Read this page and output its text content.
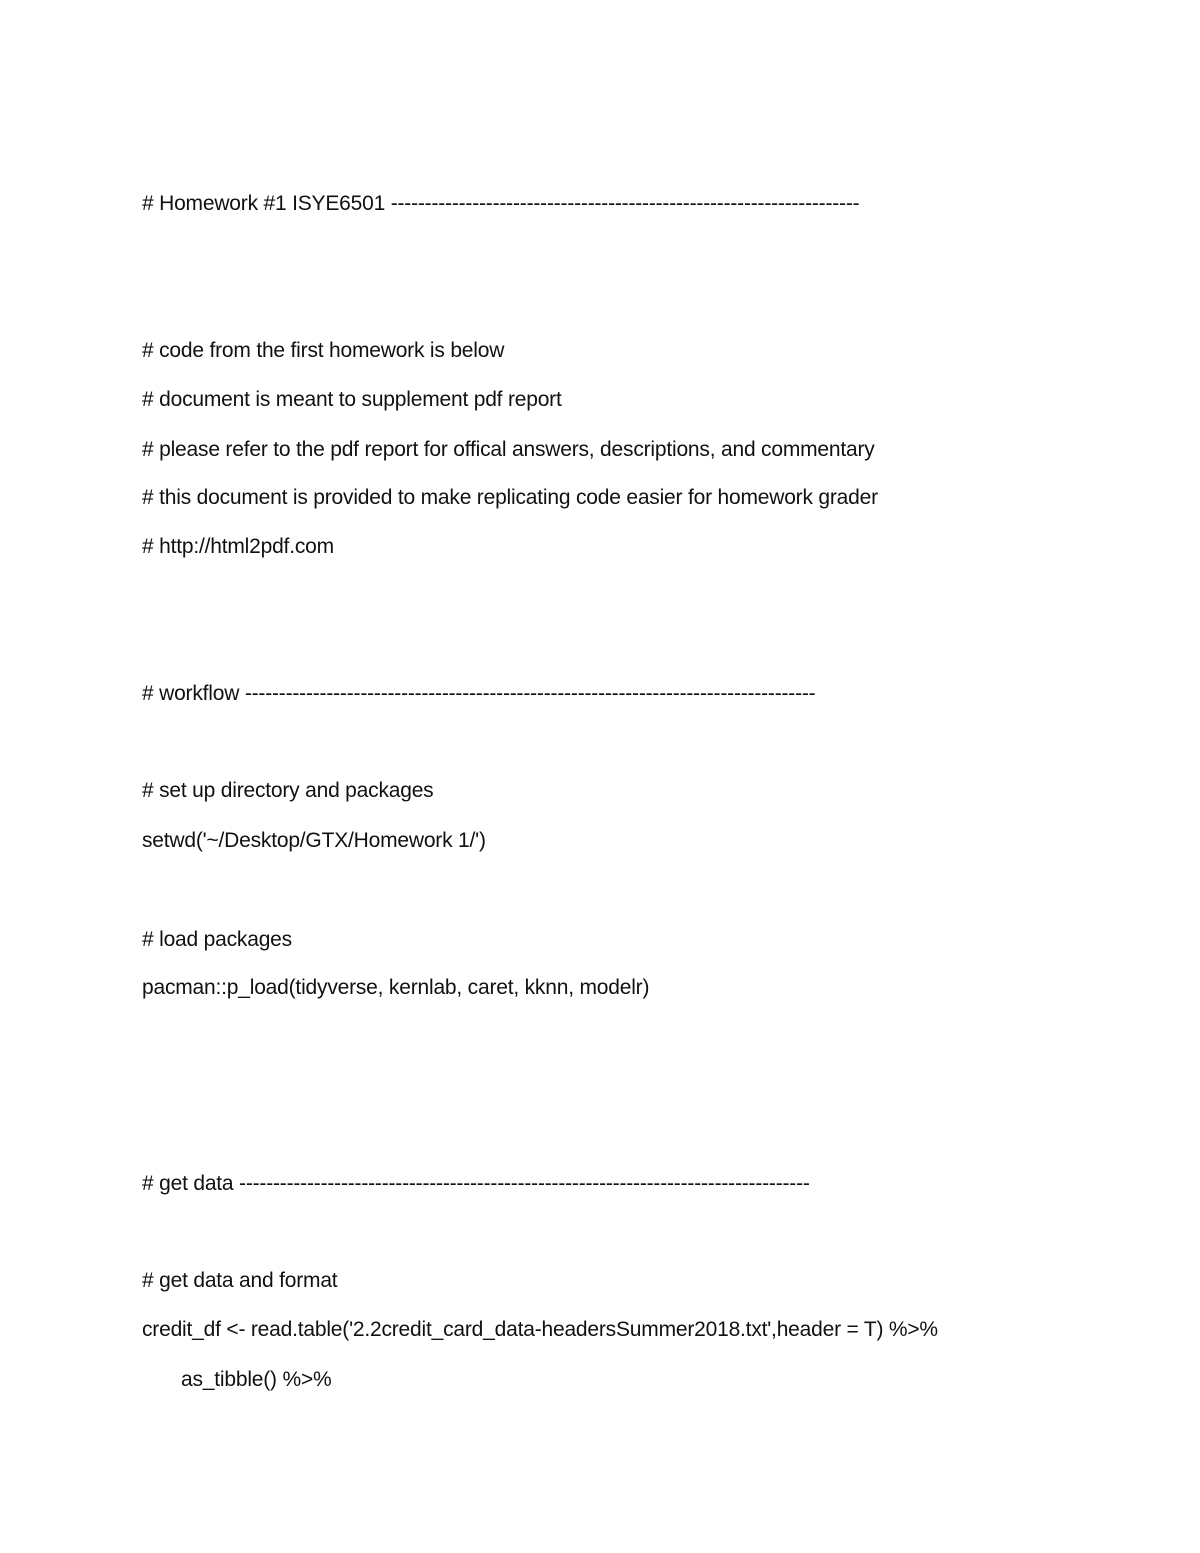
# Homework #1 ISYE6501 ---------------------------------------------------------------------
# code from the first homework is below
# document is meant to supplement pdf report
# please refer to the pdf report for offical answers, descriptions, and commentary
# this document is provided to make replicating code easier for homework grader
# http://html2pdf.com
# workflow ------------------------------------------------------------------------------------
# set up directory and packages
setwd('~/Desktop/GTX/Homework 1/')
# load packages
pacman::p_load(tidyverse, kernlab, caret, kknn, modelr)
# get data ------------------------------------------------------------------------------------
# get data and format
credit_df <- read.table('2.2credit_card_data-headersSummer2018.txt',header = T) %>%
as_tibble() %>%
